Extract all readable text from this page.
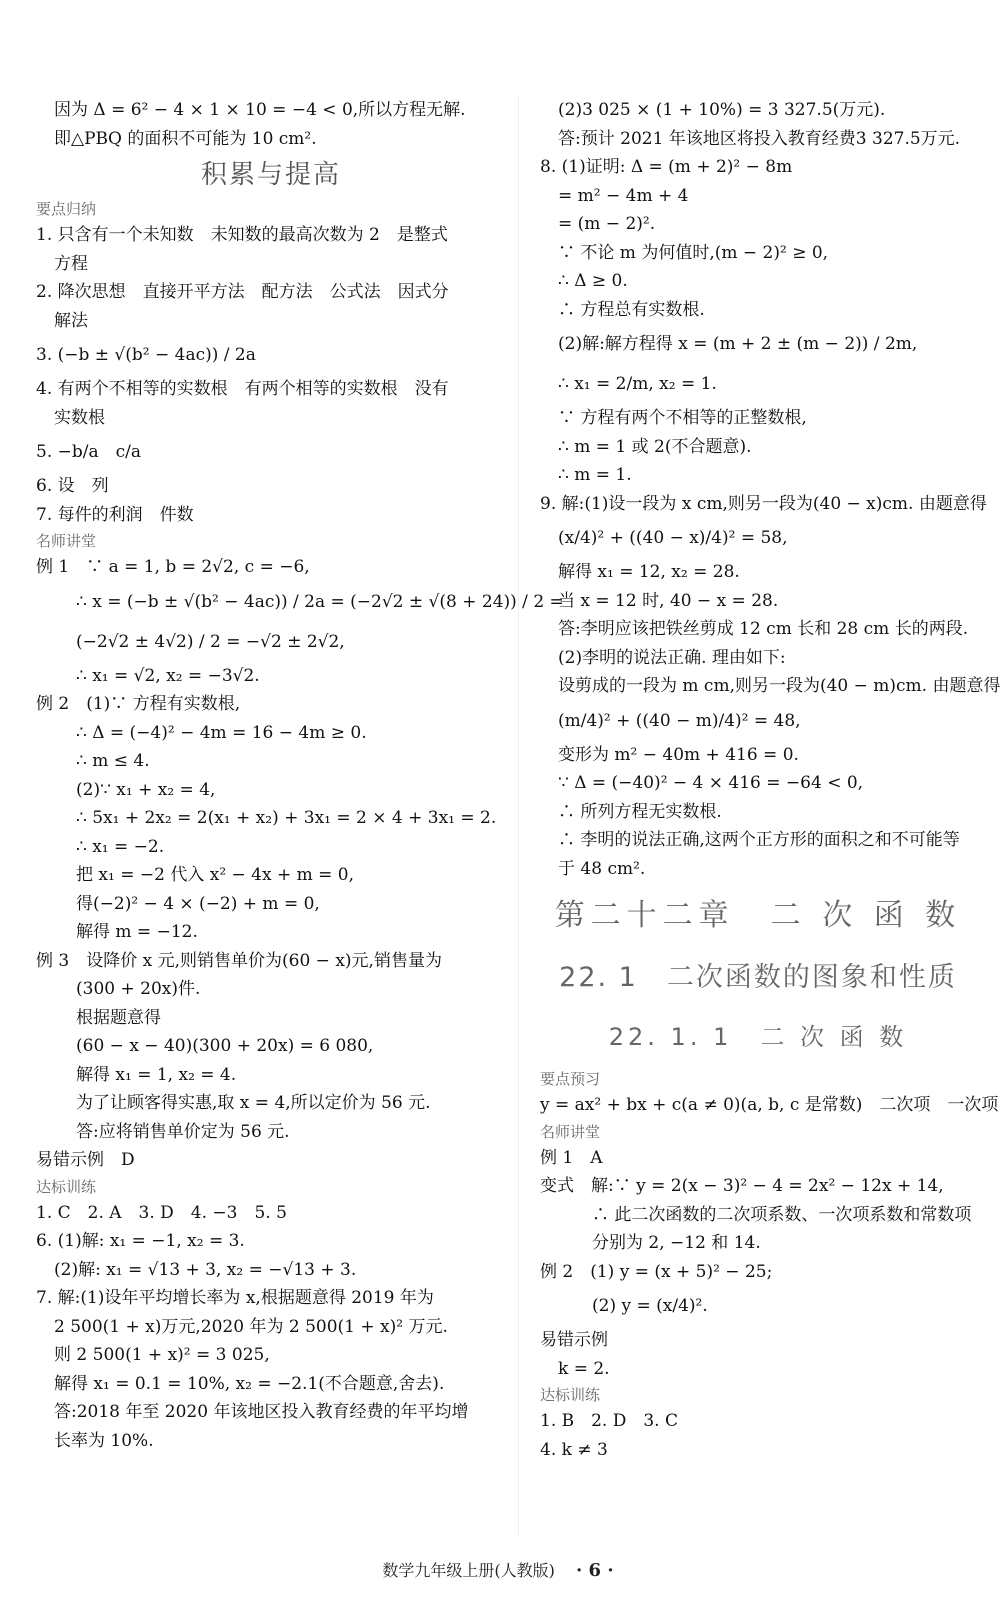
因为 Δ = 6² − 4 × 1 × 10 = −4 < 0,所以方程无解.
即△PBQ 的面积不可能为 10 cm².
积累与提高
要点归纳
1. 只含有一个未知数　未知数的最高次数为 2　是整式
方程
2. 降次思想　直接开平方法　配方法　公式法　因式分
解法
3. (−b ± √(b² − 4ac)) / 2a
4. 有两个不相等的实数根　有两个相等的实数根　没有
实数根
5. −b/a　c/a
6. 设　列
7. 每件的利润　件数
名师讲堂
例 1　∵ a = 1, b = 2√2, c = −6,
∴ x = (−b ± √(b² − 4ac)) / 2a = (−2√2 ± √(8 + 24)) / 2 =
(−2√2 ± 4√2) / 2 = −√2 ± 2√2,
∴ x₁ = √2, x₂ = −3√2.
例 2　(1)∵ 方程有实数根,
∴ Δ = (−4)² − 4m = 16 − 4m ≥ 0.
∴ m ≤ 4.
(2)∵ x₁ + x₂ = 4,
∴ 5x₁ + 2x₂ = 2(x₁ + x₂) + 3x₁ = 2 × 4 + 3x₁ = 2.
∴ x₁ = −2.
把 x₁ = −2 代入 x² − 4x + m = 0,
得(−2)² − 4 × (−2) + m = 0,
解得 m = −12.
例 3　设降价 x 元,则销售单价为(60 − x)元,销售量为
(300 + 20x)件.
根据题意得
(60 − x − 40)(300 + 20x) = 6 080,
解得 x₁ = 1, x₂ = 4.
为了让顾客得实惠,取 x = 4,所以定价为 56 元.
答:应将销售单价定为 56 元.
易错示例　D
达标训练
1. C　2. A　3. D　4. −3　5. 5
6. (1)解: x₁ = −1, x₂ = 3.
(2)解: x₁ = √13 + 3, x₂ = −√13 + 3.
7. 解:(1)设年平均增长率为 x,根据题意得 2019 年为
2 500(1 + x)万元,2020 年为 2 500(1 + x)² 万元.
则 2 500(1 + x)² = 3 025,
解得 x₁ = 0.1 = 10%, x₂ = −2.1(不合题意,舍去).
答:2018 年至 2020 年该地区投入教育经费的年平均增
长率为 10%.
(2)3 025 × (1 + 10%) = 3 327.5(万元).
答:预计 2021 年该地区将投入教育经费3 327.5万元.
8. (1)证明: Δ = (m + 2)² − 8m
= m² − 4m + 4
= (m − 2)².
∵ 不论 m 为何值时,(m − 2)² ≥ 0,
∴ Δ ≥ 0.
∴ 方程总有实数根.
(2)解:解方程得 x = (m + 2 ± (m − 2)) / 2m,
∴ x₁ = 2/m, x₂ = 1.
∵ 方程有两个不相等的正整数根,
∴ m = 1 或 2(不合题意).
∴ m = 1.
9. 解:(1)设一段为 x cm,则另一段为(40 − x)cm. 由题意得
(x/4)² + ((40 − x)/4)² = 58,
解得 x₁ = 12, x₂ = 28.
当 x = 12 时, 40 − x = 28.
答:李明应该把铁丝剪成 12 cm 长和 28 cm 长的两段.
(2)李明的说法正确. 理由如下:
设剪成的一段为 m cm,则另一段为(40 − m)cm. 由题意得
(m/4)² + ((40 − m)/4)² = 48,
变形为 m² − 40m + 416 = 0.
∵ Δ = (−40)² − 4 × 416 = −64 < 0,
∴ 所列方程无实数根.
∴ 李明的说法正确,这两个正方形的面积之和不可能等
于 48 cm².
第二十二章　二 次 函 数
22. 1　二次函数的图象和性质
22. 1. 1　二 次 函 数
要点预习
y = ax² + bx + c(a ≠ 0)(a, b, c 是常数)　二次项　一次项
名师讲堂
例 1　A
变式　解:∵ y = 2(x − 3)² − 4 = 2x² − 12x + 14,
∴ 此二次函数的二次项系数、一次项系数和常数项
分别为 2, −12 和 14.
例 2　(1) y = (x + 5)² − 25;
(2) y = (x/4)².
易错示例
k = 2.
达标训练
1. B　2. D　3. C
4. k ≠ 3
数学九年级上册(人教版) · 6 ·
